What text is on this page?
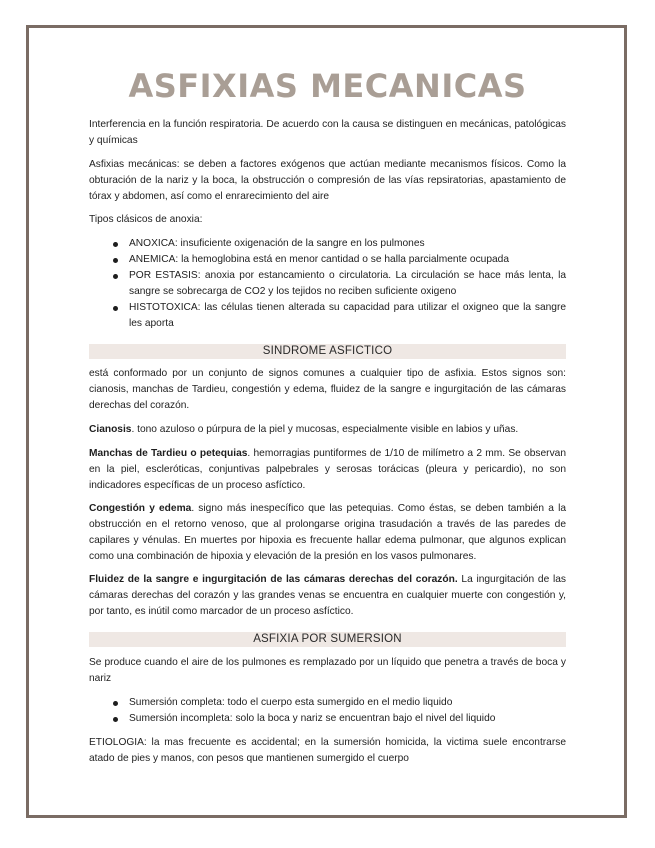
ASFIXIAS MECANICAS

Interferencia en la función respiratoria. De acuerdo con la causa se distinguen en mecánicas, patológicas y químicas

Asfixias mecánicas: se deben a factores exógenos que actúan mediante mecanismos físicos. Como la obturación de la nariz y la boca, la obstrucción o compresión de las vías repsiratorias, apastamiento de tórax y abdomen, así como el enrarecimiento del aire

Tipos clásicos de anoxia:

ANOXICA: insuficiente oxigenación de la sangre en los pulmones
ANEMICA: la hemoglobina está en menor cantidad o se halla parcialmente ocupada
POR ESTASIS: anoxia por estancamiento o circulatoria. La circulación se hace más lenta, la sangre se sobrecarga de CO2 y los tejidos no reciben suficiente oxigeno
HISTOTOXICA: las células tienen alterada su capacidad para utilizar el oxigneo que la sangre les aporta
SINDROME ASFICTICO

está conformado por un conjunto de signos comunes a cualquier tipo de asfixia. Estos signos son: cianosis, manchas de Tardieu, congestión y edema, fluidez de la sangre e ingurgitación de las cámaras derechas del corazón.

Cianosis. tono azuloso o púrpura de la piel y mucosas, especialmente visible en labios y uñas.

Manchas de Tardieu o petequias. hemorragias puntiformes de 1/10 de milímetro a 2 mm. Se observan en la piel, escleróticas, conjuntivas palpebrales y serosas torácicas (pleura y pericardio), no son indicadores específicas de un proceso asfíctico.

Congestión y edema. signo más inespecífico que las petequias. Como éstas, se deben también a la obstrucción en el retorno venoso, que al prolongarse origina trasudación a través de las paredes de capilares y vénulas. En muertes por hipoxia es frecuente hallar edema pulmonar, que algunos explican como una combinación de hipoxia y elevación de la presión en los vasos pulmonares.

Fluidez de la sangre e ingurgitación de las cámaras derechas del corazón. La ingurgitación de las cámaras derechas del corazón y las grandes venas se encuentra en cualquier muerte con congestión y, por tanto, es inútil como marcador de un proceso asfíctico.

ASFIXIA POR SUMERSION

Se produce cuando el aire de los pulmones es remplazado por un líquido que penetra a través de boca y nariz

Sumersión completa: todo el cuerpo esta sumergido en el medio liquido
Sumersión incompleta: solo la boca y nariz se encuentran bajo el nivel del liquido

ETIOLOGIA: la mas frecuente es accidental; en la sumersión homicida, la victima suele encontrarse atado de pies y manos, con pesos que mantienen sumergido el cuerpo
